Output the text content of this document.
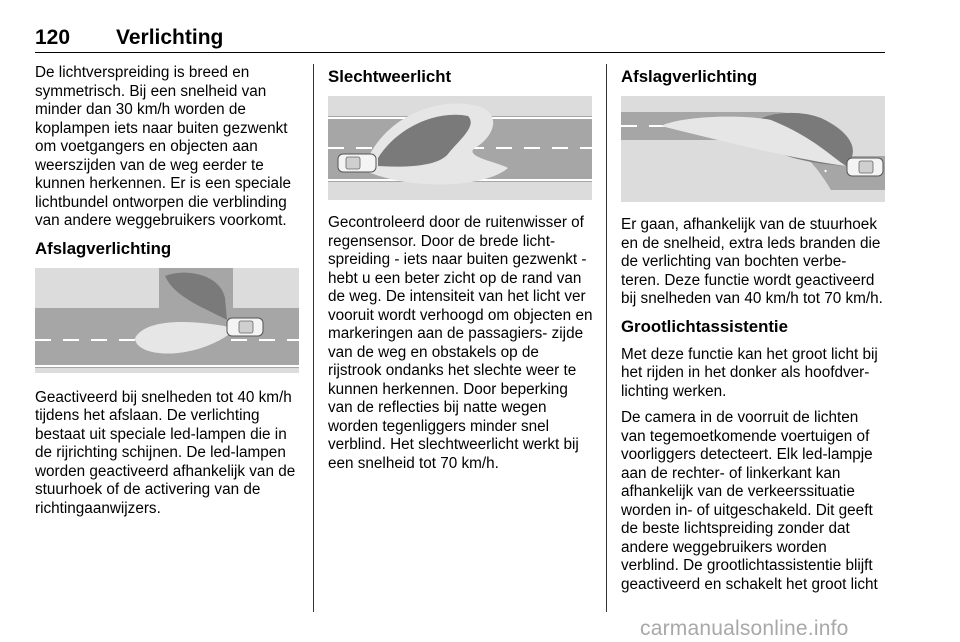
120 Verlichting

De lichtverspreiding is breed en symmetrisch. Bij een snelheid van minder dan 30 km/h worden de koplampen iets naar buiten gezwenkt om voetgangers en objecten aan weerszijden van de weg eerder te kunnen herkennen. Er is een speciale lichtbundel ontworpen die verblinding van andere weggebruikers voorkomt.

Afslagverlichting

Geactiveerd bij snelheden tot 40 km/h tijdens het afslaan. De verlichting bestaat uit speciale led-lampen die in de rijrichting schijnen. De led-lampen worden geactiveerd afhankelijk van de stuurhoek of de activering van de richtingaanwijzers.

Slechtweerlicht

Gecontroleerd door de ruitenwisser of regensensor. Door de brede licht- spreiding - iets naar buiten gezwenkt - hebt u een beter zicht op de rand van de weg. De intensiteit van het licht ver vooruit wordt verhoogd om objecten en markeringen aan de passagiers- zijde van de weg en obstakels op de rijstrook ondanks het slechte weer te kunnen herkennen. Door beperking van de reflecties bij natte wegen worden tegenliggers minder snel verblind. Het slechtweerlicht werkt bij een snelheid tot 70 km/h.

Afslagverlichting

Er gaan, afhankelijk van de stuurhoek en de snelheid, extra leds branden die de verlichting van bochten verbe- teren. Deze functie wordt geactiveerd bij snelheden van 40 km/h tot 70 km/h.

Grootlichtassistentie

Met deze functie kan het groot licht bij het rijden in het donker als hoofdver- lichting werken.

De camera in de voorruit de lichten van tegemoetkomende voertuigen of voorliggers detecteert. Elk led-lampje aan de rechter- of linkerkant kan afhankelijk van de verkeerssituatie worden in- of uitgeschakeld. Dit geeft de beste lichtspreiding zonder dat andere weggebruikers worden verblind. De grootlichtassistentie blijft geactiveerd en schakelt het groot licht

carmanualsonline.info
